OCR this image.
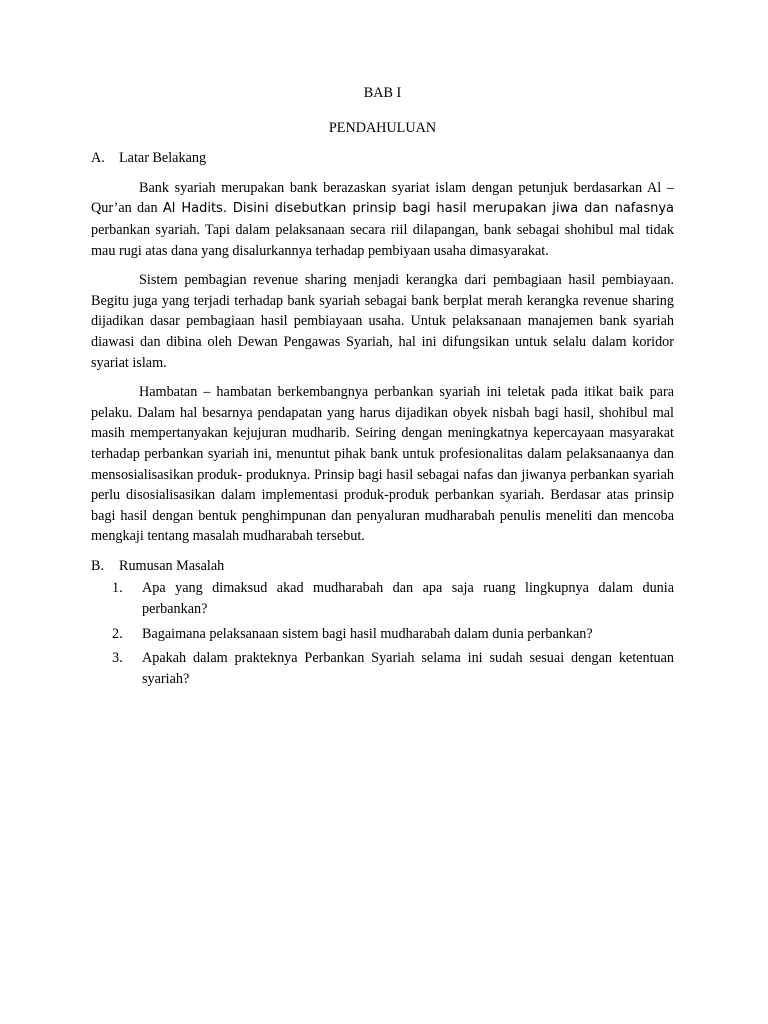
BAB I

PENDAHULUAN

A.	Latar Belakang

Bank syariah merupakan bank berazaskan syariat islam dengan petunjuk berdasarkan Al – Qur’an dan Al Hadits. Disini disebutkan prinsip bagi hasil merupakan jiwa dan nafasnya perbankan syariah. Tapi dalam pelaksanaan secara riil dilapangan, bank sebagai shohibul mal tidak mau rugi atas dana yang disalurkannya terhadap pembiyaan usaha dimasyarakat.

Sistem pembagian revenue sharing menjadi kerangka dari pembagiaan hasil pembiayaan. Begitu juga yang terjadi terhadap bank syariah sebagai bank berplat merah kerangka revenue sharing dijadikan dasar pembagiaan hasil pembiayaan usaha. Untuk pelaksanaan manajemen bank syariah diawasi dan dibina oleh Dewan Pengawas Syariah, hal ini difungsikan untuk selalu dalam koridor syariat islam.

Hambatan – hambatan berkembangnya perbankan syariah ini teletak pada itikat baik para pelaku. Dalam hal besarnya pendapatan yang harus dijadikan obyek nisbah bagi hasil, shohibul mal masih mempertanyakan kejujuran mudharib. Seiring dengan meningkatnya kepercayaan masyarakat terhadap perbankan syariah ini, menuntut pihak bank untuk profesionalitas dalam pelaksanaanya dan mensosialisasikan produk- produknya. Prinsip bagi hasil sebagai nafas dan jiwanya perbankan syariah perlu disosialisasikan dalam implementasi produk-produk perbankan syariah. Berdasar atas prinsip bagi hasil dengan bentuk penghimpunan dan penyaluran mudharabah penulis meneliti dan mencoba mengkaji tentang masalah mudharabah tersebut.

B.	Rumusan Masalah
1.	Apa yang dimaksud akad mudharabah dan apa saja ruang lingkupnya dalam dunia perbankan?
2.	Bagaimana pelaksanaan sistem bagi hasil mudharabah dalam dunia perbankan?
3.	Apakah dalam prakteknya Perbankan Syariah selama ini sudah sesuai dengan ketentuan syariah?
